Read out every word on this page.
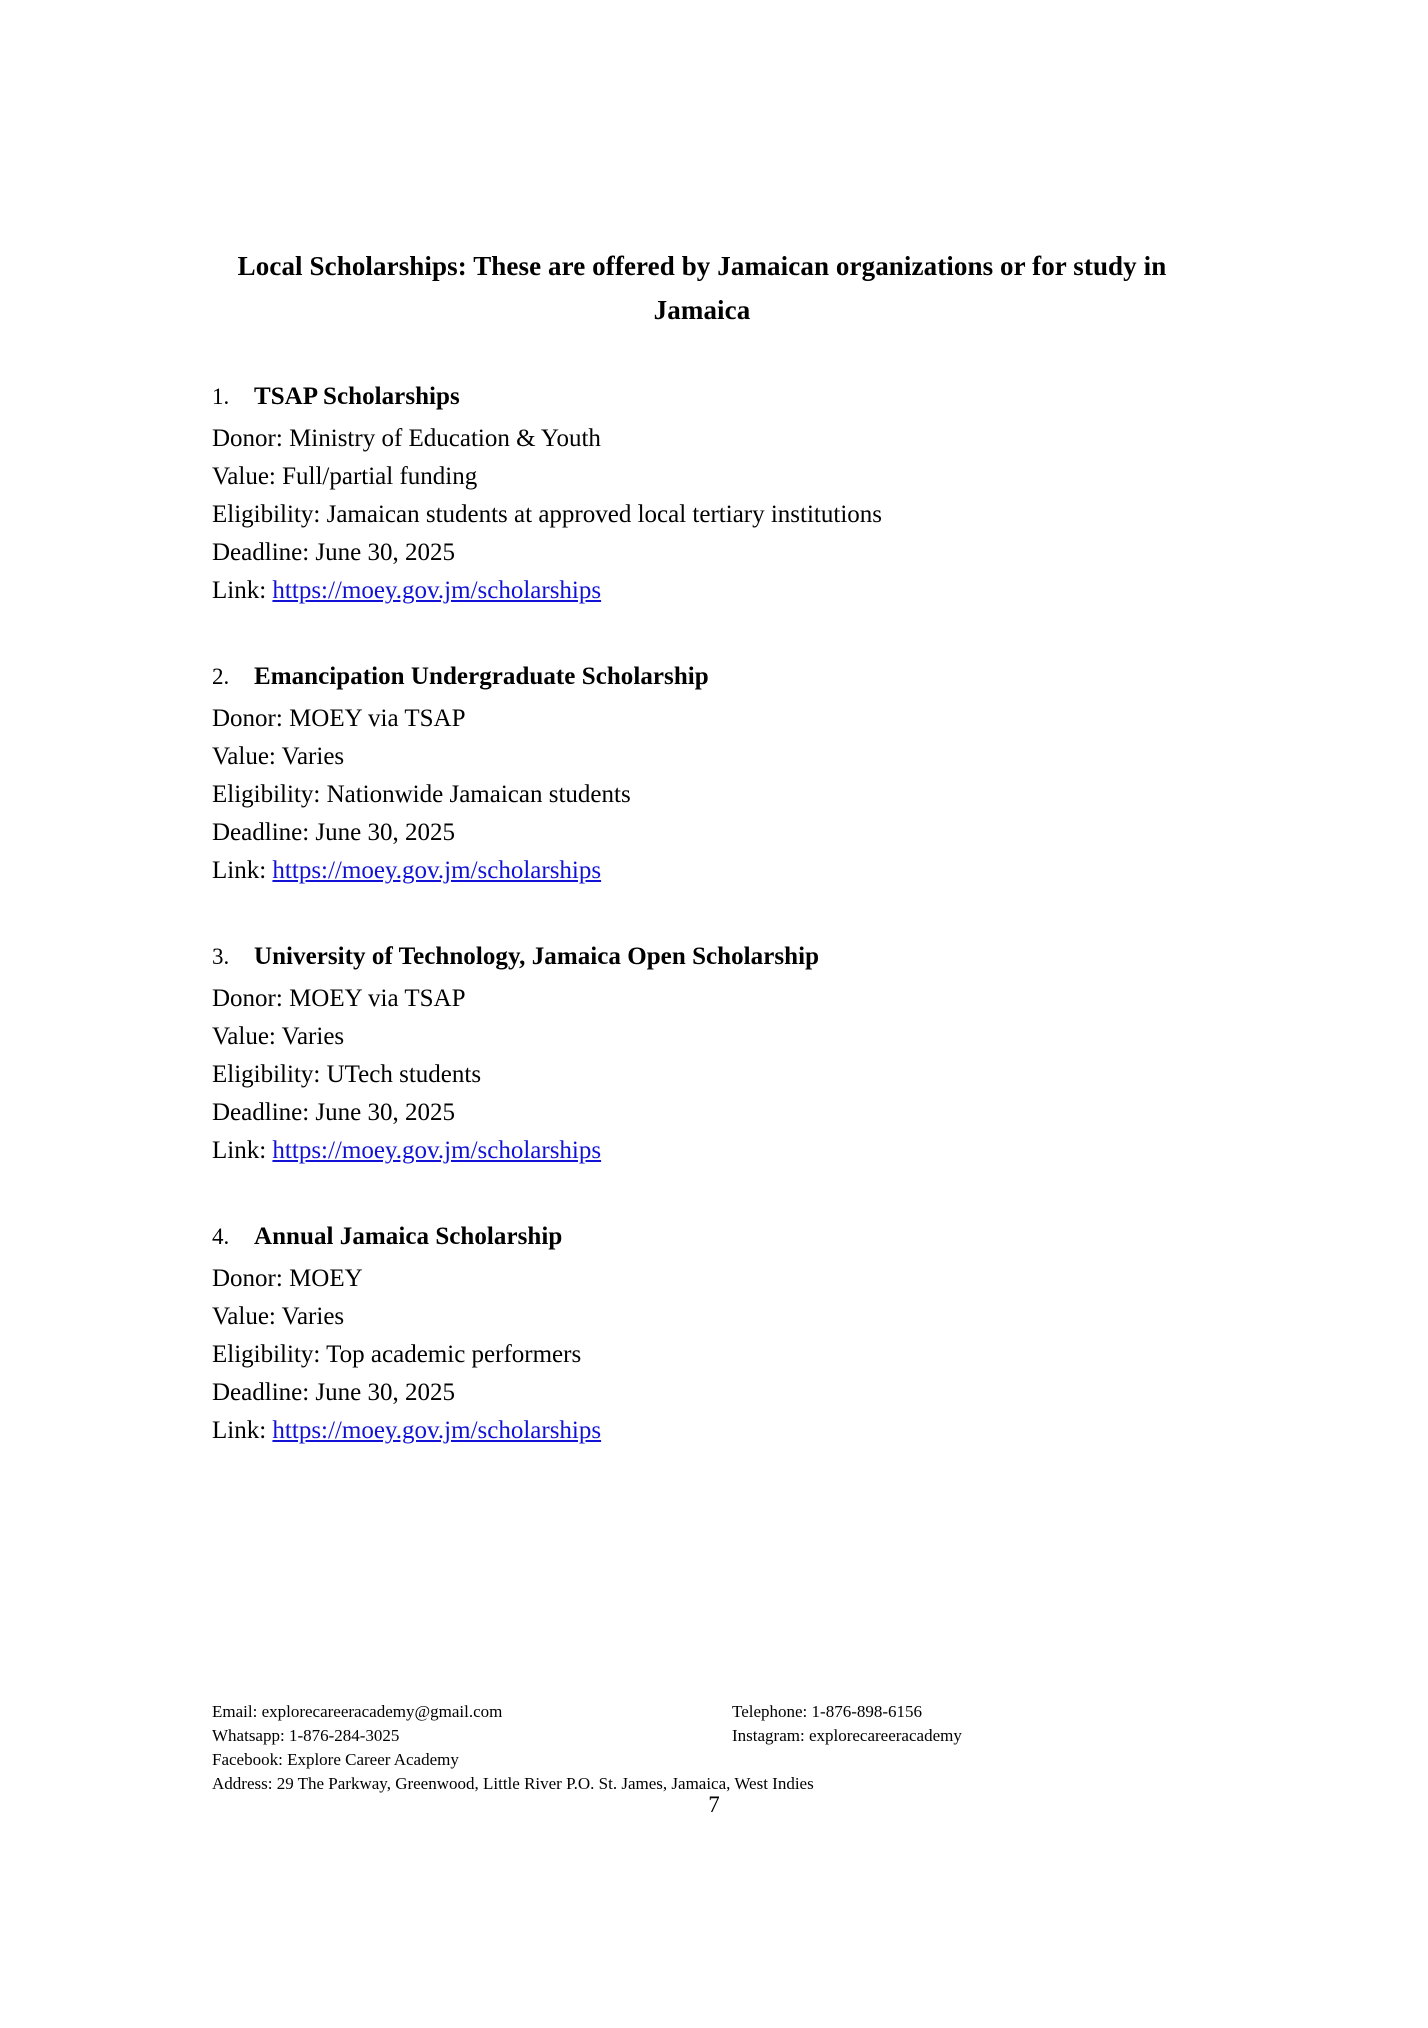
Local Scholarships: These are offered by Jamaican organizations or for study in Jamaica
1. TSAP Scholarships

Donor: Ministry of Education & Youth

Value: Full/partial funding

Eligibility: Jamaican students at approved local tertiary institutions

Deadline: June 30, 2025

Link: https://moey.gov.jm/scholarships

2. Emancipation Undergraduate Scholarship

Donor: MOEY via TSAP

Value: Varies

Eligibility: Nationwide Jamaican students

Deadline: June 30, 2025

Link: https://moey.gov.jm/scholarships

3. University of Technology, Jamaica Open Scholarship

Donor: MOEY via TSAP

Value: Varies

Eligibility: UTech students

Deadline: June 30, 2025

Link: https://moey.gov.jm/scholarships

4. Annual Jamaica Scholarship

Donor: MOEY

Value: Varies

Eligibility: Top academic performers

Deadline: June 30, 2025

Link: https://moey.gov.jm/scholarships

Email: explorecareeracademy@gmail.com	Telephone: 1-876-898-6156
Whatsapp: 1-876-284-3025	Instagram: explorecareeracademy
Facebook: Explore Career Academy
Address: 29 The Parkway, Greenwood, Little River P.O. St. James, Jamaica, West Indies
7
